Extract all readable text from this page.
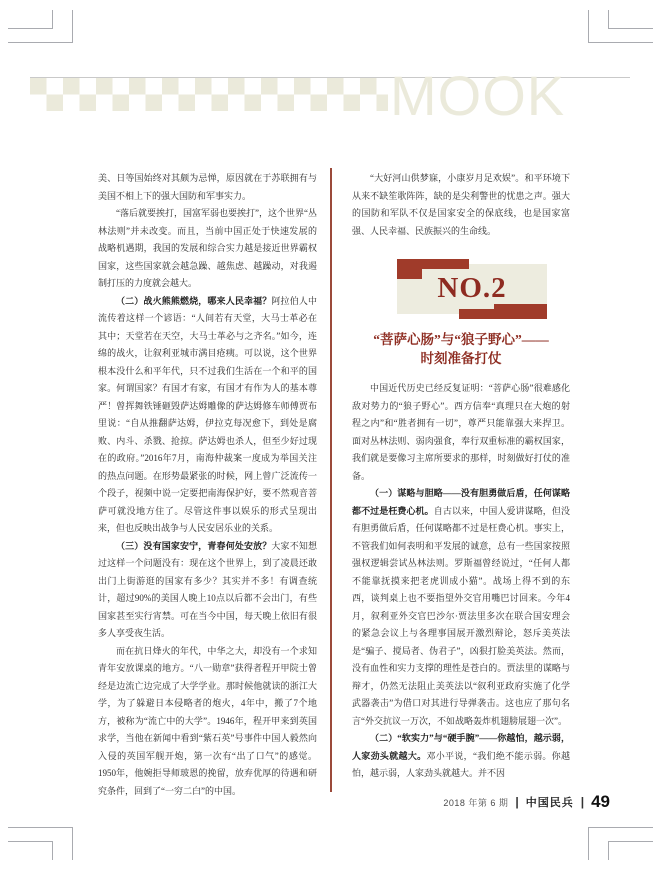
MOOK

美、日等国始终对其颇为忌惮，原因就在于苏联拥有与美国不相上下的强大国防和军事实力。

“落后就要挨打，国富军弱也要挨打”，这个世界“丛林法则”并未改变。而且，当前中国正处于快速发展的战略机遇期，我国的发展和综合实力越是接近世界霸权国家，这些国家就会越急躁、越焦虑、越躁动，对我遏制打压的力度就会越大。

（二）战火熊熊燃烧，哪来人民幸福？阿拉伯人中流传着这样一个谚语：“人间若有天堂，大马士革必在其中；天堂若在天空，大马士革必与之齐名。”如今，连绵的战火，让叙利亚城市满目疮痍。可以说，这个世界根本没什么和平年代，只不过我们生活在一个和平的国家。何谓国家？有国才有家，有国才有作为人的基本尊严！曾挥舞铁锤砸毁萨达姆雕像的萨达姆修车师傅贾布里说：“自从推翻萨达姆，伊拉克每况愈下，到处是腐败、内斗、杀戮、抢掠。萨达姆也杀人，但至少好过现在的政府。”2016年7月，南海仲裁案一度成为举国关注的热点问题。在形势最紧张的时候，网上曾广泛流传一个段子，视频中说一定要把南海保护好，要不然观音菩萨可就没地方住了。尽管这件事以娱乐的形式呈现出来，但也反映出战争与人民安居乐业的关系。

（三）没有国家安宁，青春何处安放？大家不知想过这样一个问题没有：现在这个世界上，到了凌晨还敢出门上街游逛的国家有多少？其实并不多！有调查统计，超过90%的美国人晚上10点以后都不会出门，有些国家甚至实行宵禁。可在当今中国，每天晚上依旧有很多人享受夜生活。

而在抗日烽火的年代，中华之大，却没有一个求知青年安放课桌的地方。“八一勋章”获得者程开甲院士曾经是边流亡边完成了大学学业。那时候他就读的浙江大学，为了躲避日本侵略者的炮火，4年中，搬了7个地方，被称为“流亡中的大学”。1946年，程开甲来到英国求学，当他在新闻中看到“紫石英”号事件中国人毅然向入侵的英国军舰开炮，第一次有“出了口气”的感觉。1950年，他婉拒导师玻恩的挽留，放弃优厚的待遇和研究条件，回到了“一穷二白”的中国。

“大好河山供梦寐，小康岁月足欢娱”。和平环境下从来不缺笙歌阵阵，缺的是尖利警世的忧患之声。强大的国防和军队不仅是国家安全的保底线，也是国家富强、人民幸福、民族振兴的生命线。

NO.2
“菩萨心肠”与“狼子野心”——
时刻准备打仗

中国近代历史已经反复证明：“菩萨心肠”很难感化敌对势力的“狼子野心”。西方信奉“真理只在大炮的射程之内”和“胜者拥有一切”，尊严只能靠强大来捍卫。面对丛林法则、弱肉强食，奉行双重标准的霸权国家，我们就是要像习主席所要求的那样，时刻做好打仗的准备。

（一）谋略与胆略——没有胆勇做后盾，任何谋略都不过是枉费心机。自古以来，中国人爱讲谋略，但没有胆勇做后盾，任何谋略都不过是枉费心机。事实上，不管我们如何表明和平发展的诚意，总有一些国家按照强权逻辑尝试丛林法则。罗斯福曾经说过，“任何人都不能靠抚摸来把老虎训成小猫”。战场上得不到的东西，谈判桌上也不要指望外交官用嘴巴讨回来。今年4月，叙利亚外交官巴沙尔·贾法里多次在联合国安理会的紧急会议上与各理事国展开激烈辩论，怒斥美英法是“骗子、搅局者、伪君子”，凶狠打脸美英法。然而，没有血性和实力支撑的理性是苍白的。贾法里的谋略与辩才，仍然无法阻止美英法以“叙利亚政府实施了化学武器袭击”为借口对其进行导弹袭击。这也应了那句名言“外交抗议一万次，不如战略轰炸机翅膀展翅一次”。

（二）“软实力”与“硬手腕”——你越怕，越示弱，人家劲头就越大。邓小平说，“我们绝不能示弱。你越怕，越示弱，人家劲头就越大。并不因

2018 年第 6 期 | 中国民兵 | 49
